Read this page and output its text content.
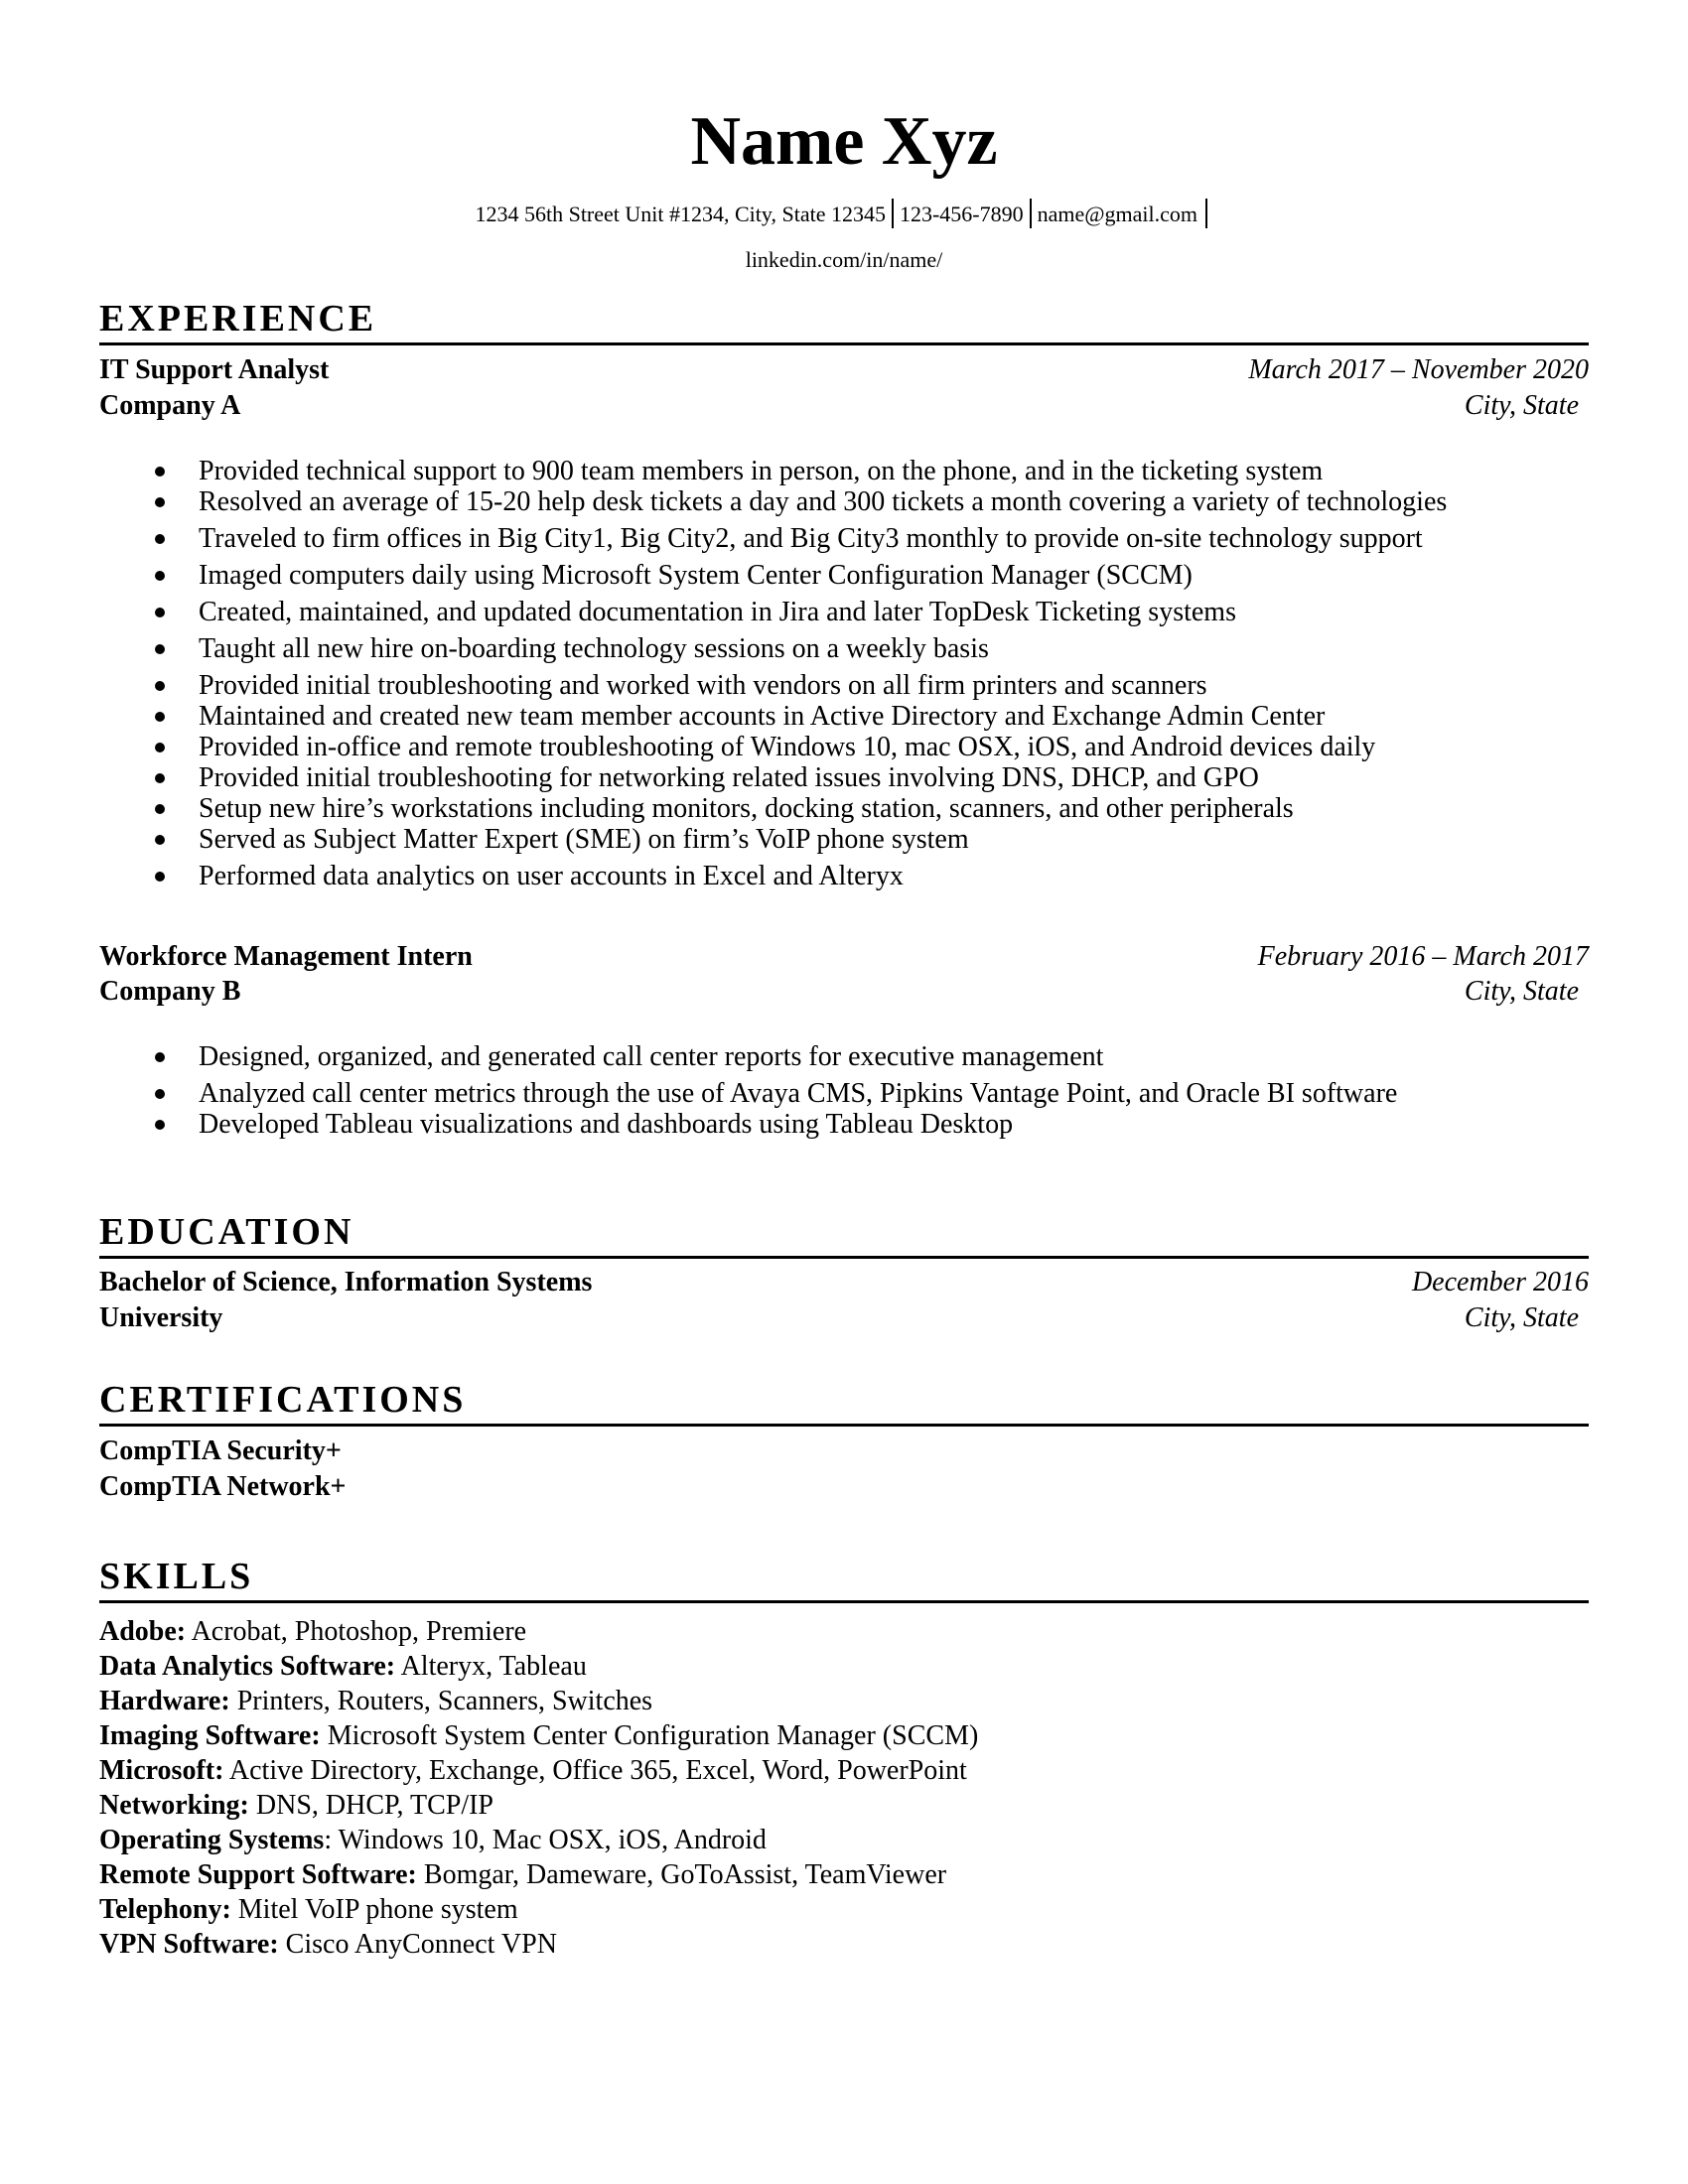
Name Xyz
1234 56th Street Unit #1234, City, State 12345 123-456-7890 name@gmail.com
linkedin.com/in/name/
EXPERIENCE
IT Support Analyst	March 2017 – November 2020
Company A	City, State
Provided technical support to 900 team members in person, on the phone, and in the ticketing system
Resolved an average of 15-20 help desk tickets a day and 300 tickets a month covering a variety of technologies
Traveled to firm offices in Big City1, Big City2, and Big City3 monthly to provide on-site technology support
Imaged computers daily using Microsoft System Center Configuration Manager (SCCM)
Created, maintained, and updated documentation in Jira and later TopDesk Ticketing systems
Taught all new hire on-boarding technology sessions on a weekly basis
Provided initial troubleshooting and worked with vendors on all firm printers and scanners
Maintained and created new team member accounts in Active Directory and Exchange Admin Center
Provided in-office and remote troubleshooting of Windows 10, mac OSX, iOS, and Android devices daily
Provided initial troubleshooting for networking related issues involving DNS, DHCP, and GPO
Setup new hire’s workstations including monitors, docking station, scanners, and other peripherals
Served as Subject Matter Expert (SME) on firm’s VoIP phone system
Performed data analytics on user accounts in Excel and Alteryx
Workforce Management Intern	February 2016 – March 2017
Company B	City, State
Designed, organized, and generated call center reports for executive management
Analyzed call center metrics through the use of Avaya CMS, Pipkins Vantage Point, and Oracle BI software
Developed Tableau visualizations and dashboards using Tableau Desktop
EDUCATION
Bachelor of Science, Information Systems	December 2016
University	City, State
CERTIFICATIONS
CompTIA Security+
CompTIA Network+
SKILLS
Adobe: Acrobat, Photoshop, Premiere
Data Analytics Software: Alteryx, Tableau
Hardware: Printers, Routers, Scanners, Switches
Imaging Software: Microsoft System Center Configuration Manager (SCCM)
Microsoft: Active Directory, Exchange, Office 365, Excel, Word, PowerPoint
Networking: DNS, DHCP, TCP/IP
Operating Systems: Windows 10, Mac OSX, iOS, Android
Remote Support Software: Bomgar, Dameware, GoToAssist, TeamViewer
Telephony: Mitel VoIP phone system
VPN Software: Cisco AnyConnect VPN
